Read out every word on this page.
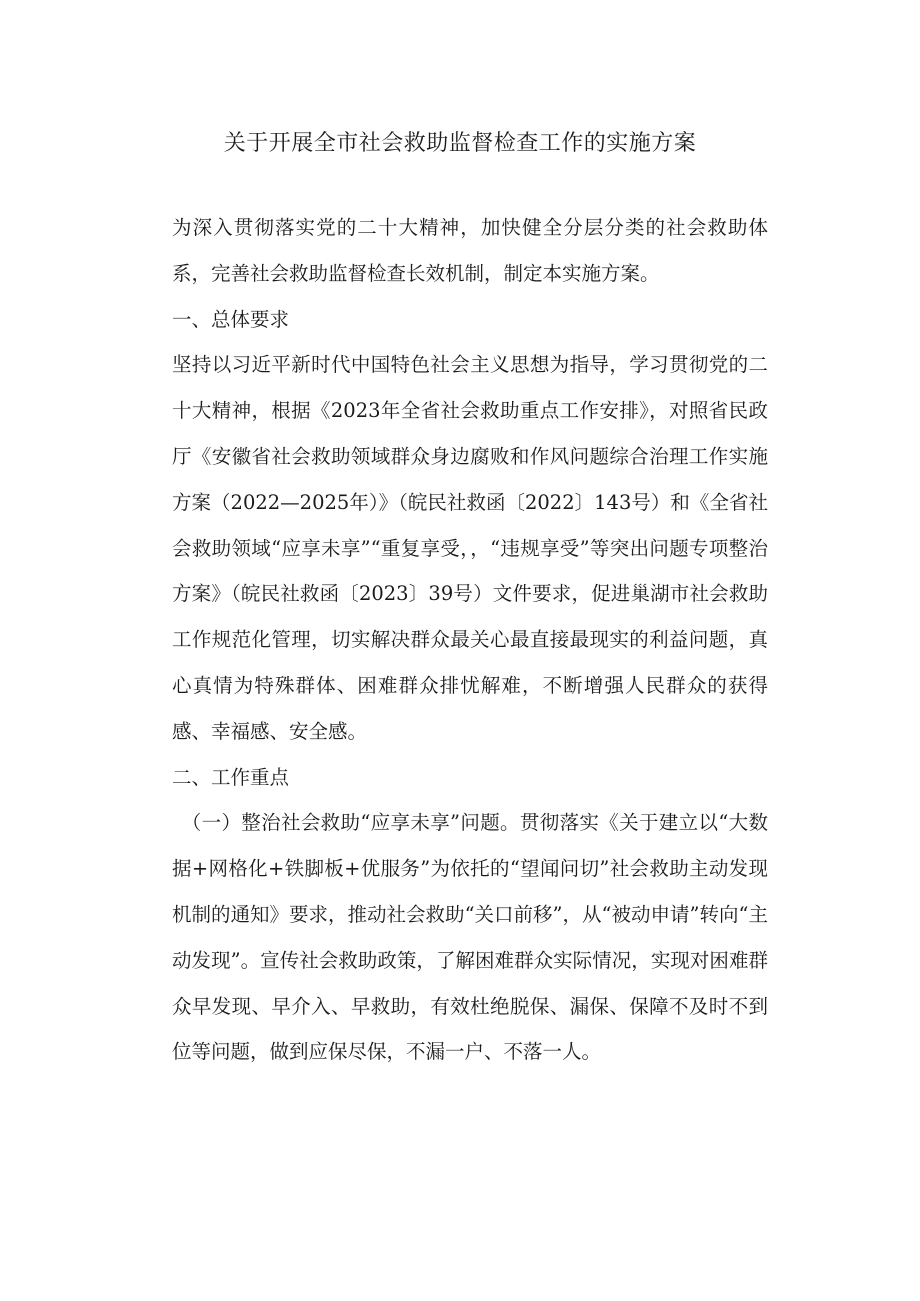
关于开展全市社会救助监督检查工作的实施方案

为深入贯彻落实党的二十大精神，加快健全分层分类的社会救助体系，完善社会救助监督检查长效机制，制定本实施方案。

一、总体要求

坚持以习近平新时代中国特色社会主义思想为指导，学习贯彻党的二十大精神，根据《2023年全省社会救助重点工作安排》，对照省民政厅《安徽省社会救助领域群众身边腐败和作风问题综合治理工作实施方案（2022—2025年）》（皖民社救函〔2022〕143号）和《全省社会救助领域“应享未享”“重复享受，，“违规享受”等突出问题专项整治方案》（皖民社救函〔2023〕39号）文件要求，促进巢湖市社会救助工作规范化管理，切实解决群众最关心最直接最现实的利益问题，真心真情为特殊群体、困难群众排忧解难，不断增强人民群众的获得感、幸福感、安全感。

二、工作重点

（一）整治社会救助“应享未享”问题。贯彻落实《关于建立以“大数据+网格化+铁脚板+优服务”为依托的“望闻问切”社会救助主动发现机制的通知》要求，推动社会救助“关口前移”，从“被动申请”转向“主动发现”。宣传社会救助政策，了解困难群众实际情况，实现对困难群众早发现、早介入、早救助，有效杜绝脱保、漏保、保障不及时不到位等问题，做到应保尽保，不漏一户、不落一人。
